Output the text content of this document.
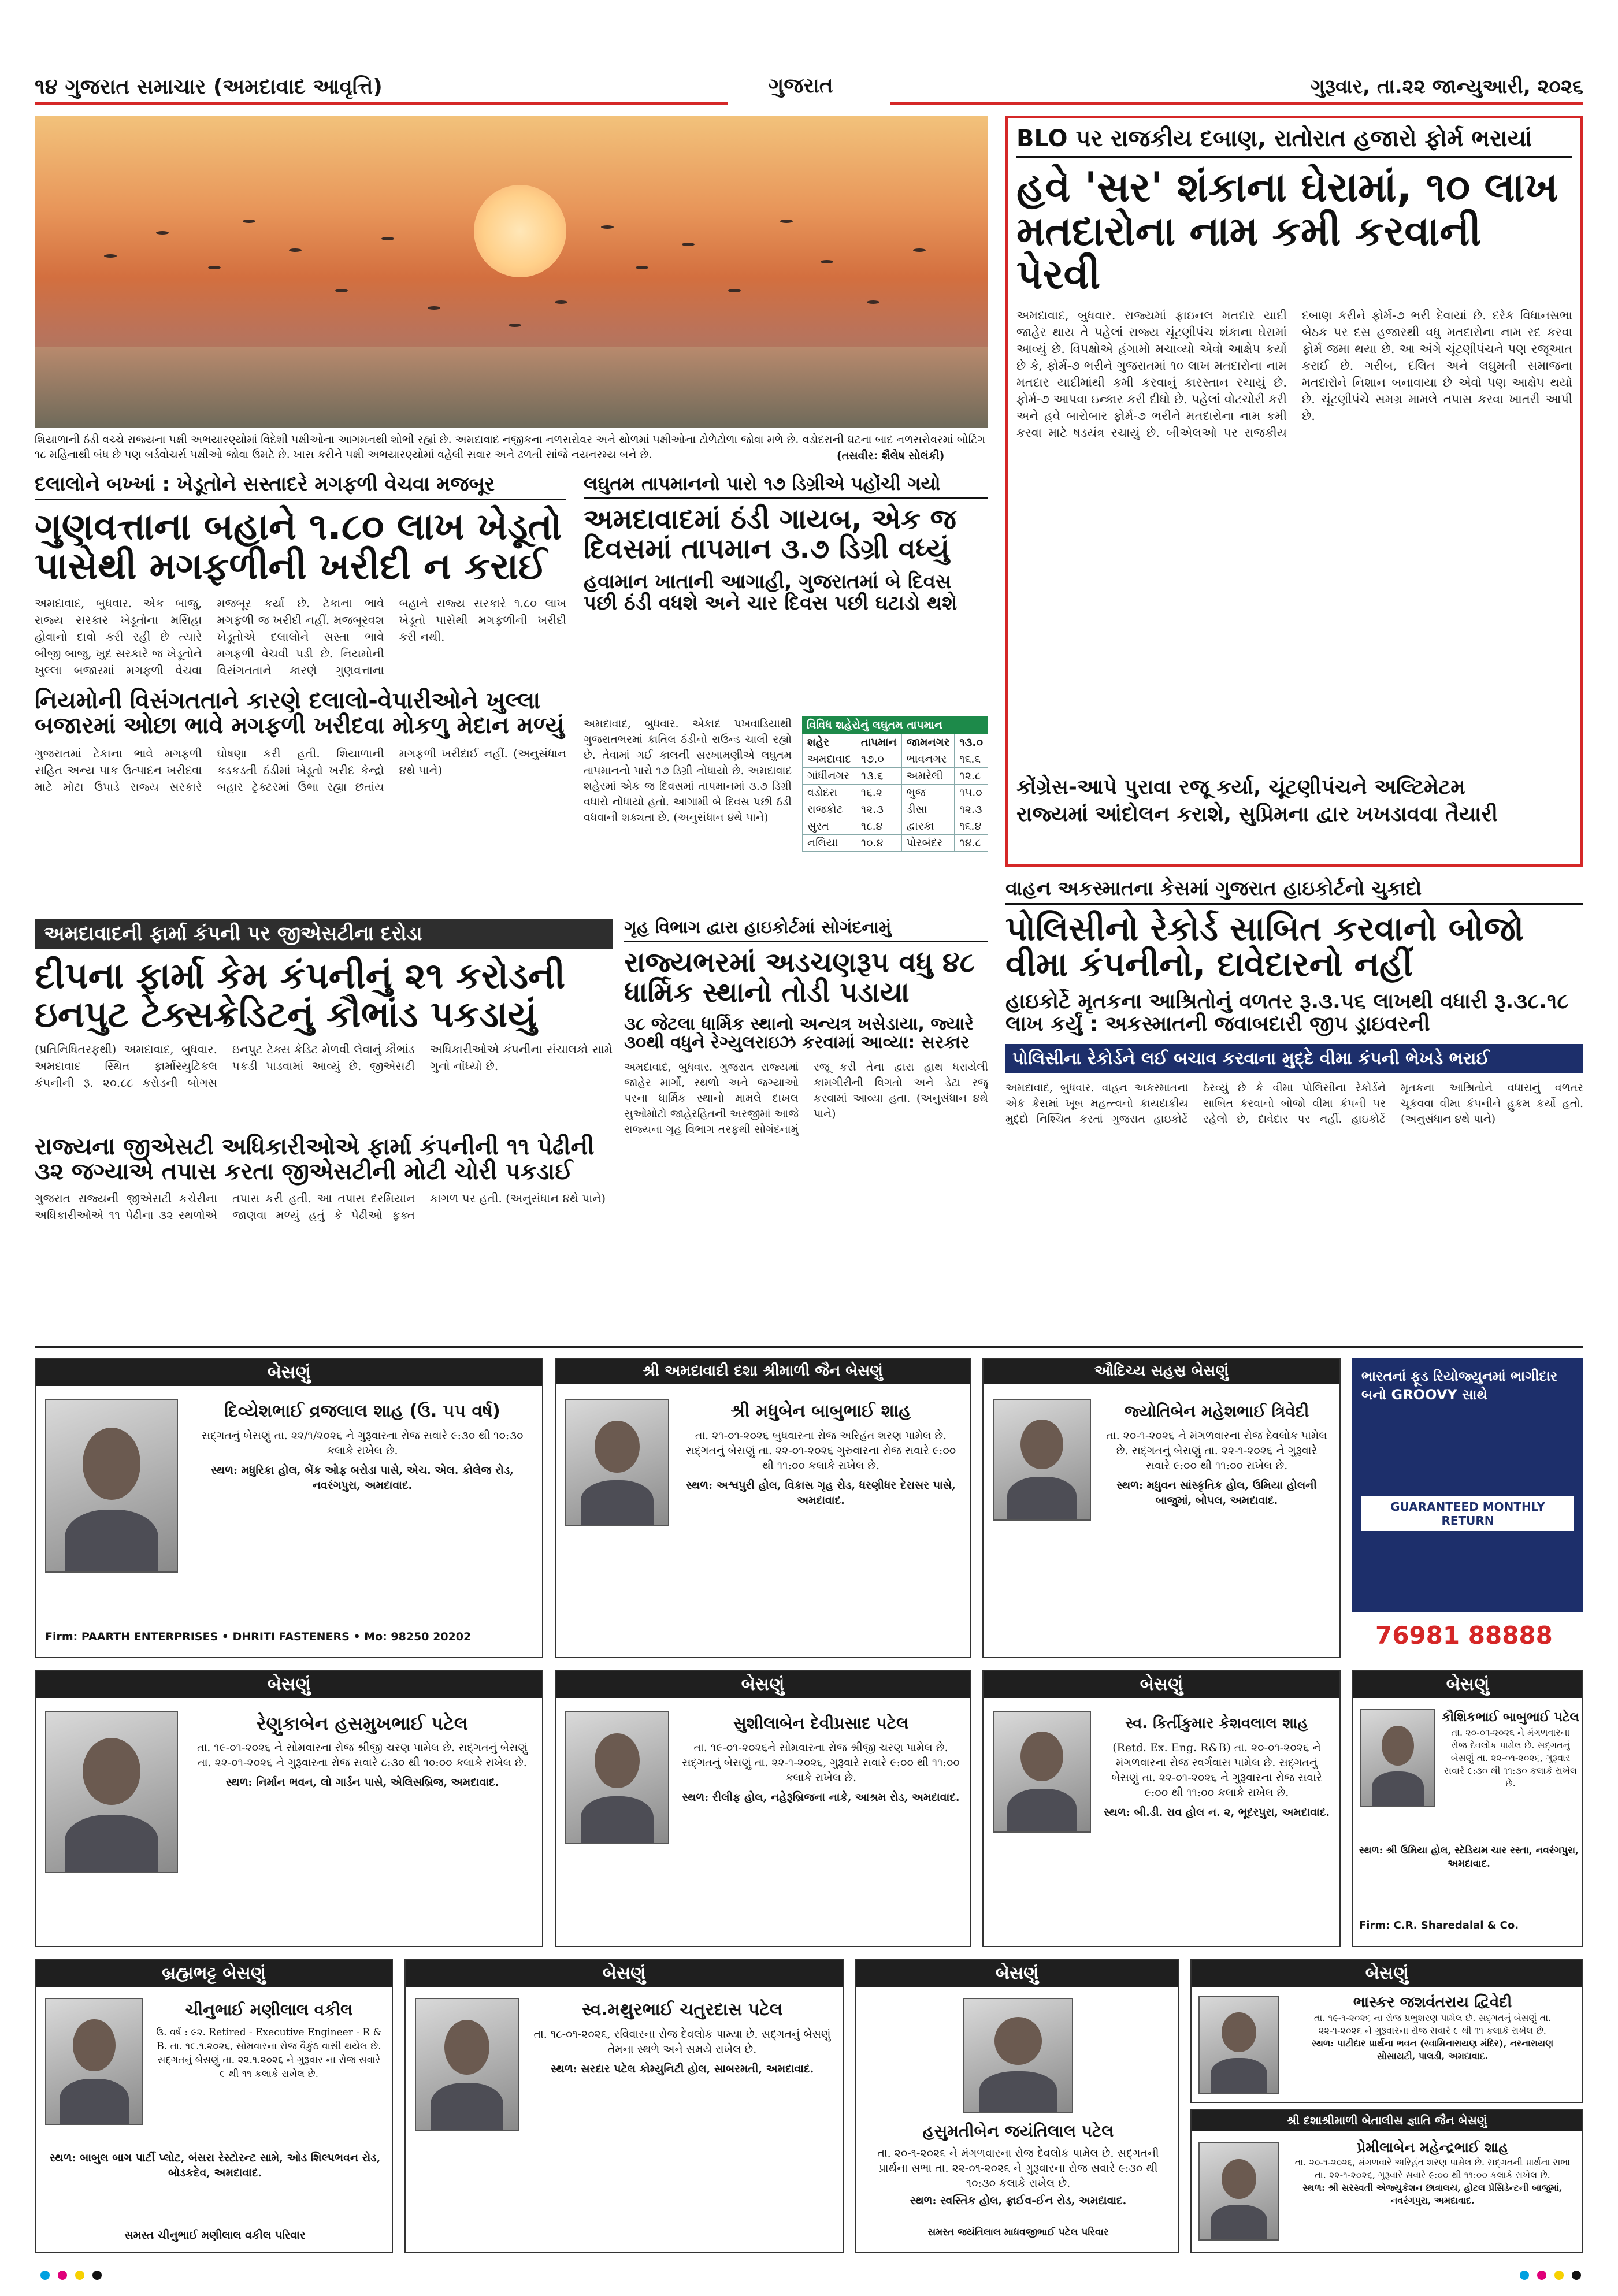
૧૪ ગુજરાત સમાચાર (અમદાવાદ આવૃત્તિ)	ગુજરાત	ગુરૂવાર, તા.૨૨ જાન્યુઆરી, ૨૦૨૬
શિયાળાની ઠંડી વચ્ચે રાજ્યના પક્ષી અભયારણ્યોમાં વિદેશી પક્ષીઓના આગમનથી શોભી રહ્યાં છે. અમદાવાદ નજીકના નળસરોવર અને થોળમાં પક્ષીઓના ટોળેટોળા જોવા મળે છે. વડોદરાની ઘટના બાદ નળસરોવરમાં બોટિંગ ૧૮ મહિનાથી બંધ છે પણ બર્ડવોચર્સ પક્ષીઓ જોવા ઉમટે છે. ખાસ કરીને પક્ષી અભયારણ્યોમાં વહેલી સવાર અને ઢળતી સાંજે નયનરમ્ય બને છે.	(તસવીર: શૈલેષ સોલંકી)
BLO પર રાજકીય દબાણ, રાતોરાત હજારો ફોર્મ ભરાયાં
હવે 'સર' શંકાના ઘેરામાં, ૧૦ લાખ મતદારોના નામ કમી કરવાની પેરવી
અમદાવાદ, બુધવાર. રાજ્યમાં ફાઇનલ મતદાર યાદી જાહેર થાય તે પહેલાં રાજ્ય ચૂંટણીપંચ શંકાના ઘેરામાં આવ્યું છે. વિપક્ષોએ હંગામો મચાવ્યો એવો આક્ષેપ કર્યો છે કે, ફોર્મ-૭ ભરીને ગુજરાતમાં ૧૦ લાખ મતદારોના નામ મતદાર યાદીમાંથી કમી કરવાનું કારસ્તાન રચાયું છે. ફોર્મ-૭ આપવા ઇન્કાર કરી દીધો છે. પહેલાં વોટચોરી કરી અને હવે બારોબાર ફોર્મ-૭ ભરીને મતદારોના નામ કમી કરવા માટે ષડયંત્ર રચાયું છે. બીએલઓ પર રાજકીય દબાણ કરીને ફોર્મ-૭ ભરી દેવાયાં છે. દરેક વિધાનસભા બેઠક પર દસ હજારથી વધુ મતદારોના નામ રદ કરવા ફોર્મ જમા થયા છે. આ અંગે ચૂંટણીપંચને પણ રજૂઆત કરાઈ છે. ગરીબ, દલિત અને લઘુમતી સમાજના મતદારોને નિશાન બનાવાયા છે એવો પણ આક્ષેપ થયો છે. ચૂંટણીપંચે સમગ્ર મામલે તપાસ કરવા ખાતરી આપી છે.
કોંગ્રેસ-આપે પુરાવા રજૂ કર્યા, ચૂંટણીપંચને અલ્ટિમેટમ
રાજ્યમાં આંદોલન કરાશે, સુપ્રિમના દ્વાર ખખડાવવા તૈયારી
દલાલોને બખ્ખાં : ખેડૂતોને સસ્તાદરે મગફળી વેચવા મજબૂર
ગુણવત્તાના બહાને ૧.૮૦ લાખ ખેડૂતો પાસેથી મગફળીની ખરીદી ન કરાઈ
અમદાવાદ, બુધવાર. એક બાજુ, રાજ્ય સરકાર ખેડૂતોના મસિહા હોવાનો દાવો કરી રહી છે ત્યારે બીજી બાજુ, ખુદ સરકારે જ ખેડૂતોને ખુલ્લા બજારમાં મગફળી વેચવા મજબૂર કર્યા છે. ટેકાના ભાવે મગફળી જ ખરીદી નહીં. મજબૂરવશ ખેડૂતોએ દલાલોને સસ્તા ભાવે મગફળી વેચવી પડી છે. નિયમોની વિસંગતતાને કારણે ગુણવત્તાના બહાને રાજ્ય સરકારે ૧.૮૦ લાખ ખેડૂતો પાસેથી મગફળીની ખરીદી કરી નથી.
નિયમોની વિસંગતતાને કારણે દલાલો-વેપારીઓને ખુલ્લા બજારમાં ઓછા ભાવે મગફળી ખરીદવા મોકળુ મેદાન મળ્યું
ગુજરાતમાં ટેકાના ભાવે મગફળી સહિત અન્ય પાક ઉત્પાદન ખરીદવા માટે મોટા ઉપાડે રાજ્ય સરકારે ઘોષણા કરી હતી. શિયાળાની કડકડતી ઠંડીમાં ખેડૂતો ખરીદ કેન્દ્રો બહાર ટ્રેક્ટરમાં ઉભા રહ્યા છતાંય મગફળી ખરીદાઈ નહીં. (અનુસંધાન ૪થે પાને)
લઘુતમ તાપમાનનો પારો ૧૭ ડિગ્રીએ પહોંચી ગયો
અમદાવાદમાં ઠંડી ગાયબ, એક જ દિવસમાં તાપમાન ૩.૭ ડિગ્રી વધ્યું
હવામાન ખાતાની આગાહી, ગુજરાતમાં બે દિવસ પછી ઠંડી વધશે અને ચાર દિવસ પછી ઘટાડો થશે
અમદાવાદ, બુધવાર. એકાદ પખવાડિયાથી ગુજરાતભરમાં કાતિલ ઠંડીનો રાઉન્ડ ચાલી રહ્યો છે. તેવામાં ગઈ કાલની સરખામણીએ લઘુતમ તાપમાનનો પારો ૧૭ ડિગ્રી નોંધાયો છે. અમદાવાદ શહેરમાં એક જ દિવસમાં તાપમાનમાં ૩.૭ ડિગ્રી વધારો નોંધાયો હતો. આગામી બે દિવસ પછી ઠંડી વધવાની શક્યતા છે. (અનુસંધાન ૪થે પાને)
વિવિધ શહેરોનું લઘુતમ તાપમાન
શહેર	તાપમાન	જામનગર	૧૩.૦
અમદાવાદ	૧૭.૦	ભાવનગર	૧૬.૬
ગાંધીનગર	૧૩.૬	અમરેલી	૧૨.૮
વડોદરા	૧૬.૨	ભુજ	૧૫.૦
રાજકોટ	૧૨.૩	ડીસા	૧૨.૩
સુરત	૧૮.૪	દ્વારકા	૧૬.૪
નલિયા	૧૦.૪	પોરબંદર	૧૪.૮
અમદાવાદની ફાર્મા કંપની પર જીએસટીના દરોડા
દીપના ફાર્મા કેમ કંપનીનું ૨૧ કરોડની ઇનપુટ ટેક્સક્રેડિટનું કૌભાંડ પકડાયું
(પ્રતિનિધિતરફથી) અમદાવાદ, બુધવાર. અમદાવાદ સ્થિત ફાર્માસ્યુટિકલ કંપનીની રૂ. ૨૦.૮૮ કરોડની બોગસ ઇનપુટ ટેક્સ ક્રેડિટ મેળવી લેવાનું કૌભાંડ પકડી પાડવામાં આવ્યું છે. જીએસટી અધિકારીઓએ કંપનીના સંચાલકો સામે ગુનો નોંધ્યો છે.
રાજ્યના જીએસટી અધિકારીઓએ ફાર્મા કંપનીની ૧૧ પેઢીની ૩૨ જગ્યાએ તપાસ કરતા જીએસટીની મોટી ચોરી પકડાઈ
ગુજરાત રાજ્યની જીએસટી કચેરીના અધિકારીઓએ ૧૧ પેઢીના ૩૨ સ્થળોએ તપાસ કરી હતી. આ તપાસ દરમિયાન જાણવા મળ્યું હતું કે પેઢીઓ ફક્ત કાગળ પર હતી. (અનુસંધાન ૪થે પાને)
ગૃહ વિભાગ દ્વારા હાઇકોર્ટમાં સોગંદનામું
રાજ્યભરમાં અડચણરૂપ વધુ ૪૮ ધાર્મિક સ્થાનો તોડી પડાયા
૩૮ જેટલા ધાર્મિક સ્થાનો અન્યત્ર ખસેડાયા, જ્યારે ૩૦થી વધુને રેગ્યુલરાઇઝ કરવામાં આવ્યા: સરકાર
અમદાવાદ, બુધવાર. ગુજરાત રાજ્યમાં જાહેર માર્ગો, સ્થળો અને જગ્યાઓ પરના ધાર્મિક સ્થાનો મામલે દાખલ સુઓમોટો જાહેરહિતની અરજીમાં આજે રાજ્યના ગૃહ વિભાગ તરફથી સોગંદનામું રજૂ કરી તેના દ્વારા હાથ ધરાયેલી કામગીરીની વિગતો અને ડેટા રજૂ કરવામાં આવ્યા હતા. (અનુસંધાન ૪થે પાને)
વાહન અકસ્માતના કેસમાં ગુજરાત હાઇકોર્ટનો ચુકાદો
પોલિસીનો રેકોર્ડ સાબિત કરવાનો બોજો વીમા કંપનીનો, દાવેદારનો નહીં
હાઇકોર્ટે મૃતકના આશ્રિતોનું વળતર રૂ.૩.૫૬ લાખથી વધારી રૂ.૩૮.૧૮ લાખ કર્યું : અકસ્માતની જવાબદારી જીપ ડ્રાઇવરની
પોલિસીના રેકોર્ડને લઈ બચાવ કરવાના મુદ્દે વીમા કંપની ભેખડે ભરાઈ
અમદાવાદ, બુધવાર. વાહન અકસ્માતના એક કેસમાં ખૂબ મહત્ત્વનો કાયદાકીય મુદ્દો નિશ્ચિત કરતાં ગુજરાત હાઇકોર્ટે ઠેરવ્યું છે કે વીમા પોલિસીના રેકોર્ડને સાબિત કરવાનો બોજો વીમા કંપની પર રહેલો છે, દાવેદાર પર નહીં. હાઇકોર્ટે મૃતકના આશ્રિતોને વધારાનું વળતર ચૂકવવા વીમા કંપનીને હુકમ કર્યો હતો. (અનુસંધાન ૪થે પાને)
બેસણું
દિવ્યેશભાઈ વ્રજલાલ શાહ (ઉ. ૫૫ વર્ષ)
સદ્‍ગતનું બેસણું તા. ૨૨/૧/૨૦૨૬ ને ગુરૂવારના રોજ સવારે ૯:૩૦ થી ૧૦:૩૦ કલાકે રાખેલ છે.
સ્થળ: મધુરિકા હોલ, બેંક ઓફ બરોડા પાસે, એચ. એલ. કોલેજ રોડ, નવરંગપુરા, અમદાવાદ.
Firm: PAARTH ENTERPRISES • DHRITI FASTENERS • Mo: 98250 20202
શ્રી અમદાવાદી દશા શ્રીમાળી જૈન બેસણું
શ્રી મધુબેન બાબુભાઈ શાહ
તા. ૨૧-૦૧-૨૦૨૬ બુધવારના રોજ અરિહંત શરણ પામેલ છે. સદ્‍ગતનું બેસણું તા. ૨૨-૦૧-૨૦૨૬ ગુરુવારના રોજ સવારે ૯:૦૦ થી ૧૧:૦૦ કલાકે રાખેલ છે.
સ્થળ: અશ્વપુરી હોલ, વિકાસ ગૃહ રોડ, ધરણીધર દેરાસર પાસે, અમદાવાદ.
ઔદિચ્ય સહસ્ર બેસણું
જ્યોતિબેન મહેશભાઈ ત્રિવેદી
તા. ૨૦-૧-૨૦૨૬ ને મંગળવારના રોજ દેવલોક પામેલ છે. સદ્‍ગતનું બેસણું તા. ૨૨-૧-૨૦૨૬ ને ગુરૂવારે સવારે ૯:૦૦ થી ૧૧:૦૦ રાખેલ છે.
સ્થળ: મધુવન સાંસ્કૃતિક હોલ, ઉમિયા હોલની બાજુમાં, બોપલ, અમદાવાદ.
ભારતનાં ફૂડ રિયોજ્યુનમાં ભાગીદાર બનો GROOVY સાથે
GUARANTEED MONTHLY RETURN
76981 88888
બેસણું
રેણુકાબેન હસમુખભાઈ પટેલ
તા. ૧૯-૦૧-૨૦૨૬ ને સોમવારના રોજ શ્રીજી ચરણ પામેલ છે. સદ્‍ગતનું બેસણું તા. ૨૨-૦૧-૨૦૨૬ ને ગુરૂવારના રોજ સવારે ૮:૩૦ થી ૧૦:૦૦ કલાકે રાખેલ છે.
સ્થળ: નિર્માન ભવન, લો ગાર્ડન પાસે, એલિસબ્રિજ, અમદાવાદ.
બેસણું
સુશીલાબેન દેવીપ્રસાદ પટેલ
તા. ૧૯-૦૧-૨૦૨૬ને સોમવારના રોજ શ્રીજી ચરણ પામેલ છે. સદ્‍ગતનું બેસણું તા. ૨૨-૧-૨૦૨૬, ગુરૂવારે સવારે ૯:૦૦ થી ૧૧:૦૦ કલાકે રાખેલ છે.
સ્થળ: રીલીફ હોલ, નહેરૂબ્રિજના નાકે, આશ્રમ રોડ, અમદાવાદ.
બેસણું
સ્વ. કિર્તીકુમાર કેશવલાલ શાહ
(Retd. Ex. Eng. R&B) તા. ૨૦-૦૧-૨૦૨૬ ને મંગળવારના રોજ સ્વર્ગવાસ પામેલ છે. સદ્‍ગતનું બેસણું તા. ૨૨-૦૧-૨૦૨૬ ને ગુરૂવારના રોજ સવારે ૯:૦૦ થી ૧૧:૦૦ કલાકે રાખેલ છે.
સ્થળ: બી.ડી. રાવ હોલ ન. ૨, ભૂદરપુરા, અમદાવાદ.
બેસણું
કૌશિકભાઈ બાબુભાઈ પટેલ
તા. ૨૦-૦૧-૨૦૨૬ ને મંગળવારના રોજ દેવલોક પામેલ છે. સદ્‍ગતનું બેસણું તા. ૨૨-૦૧-૨૦૨૬, ગુરૂવાર સવારે ૯:૩૦ થી ૧૧:૩૦ કલાકે રાખેલ છે.
સ્થળ: શ્રી ઉમિયા હોલ, સ્ટેડિયમ ચાર રસ્તા, નવરંગપુરા, અમદાવાદ.
Firm: C.R. Sharedalal & Co.
બ્રહ્મભટ્ટ બેસણું
ચીનુભાઈ મણીલાલ વકીલ
ઉ. વર્ષ : ૯૨. Retired - Executive Engineer - R & B. તા. ૧૯.૧.૨૦૨૬, સોમવારના રોજ વૈકુંઠ વાસી થયેલ છે. સદ્‍ગતનું બેસણું તા. ૨૨.૧.૨૦૨૬ ને ગુરૂવાર ના રોજ સવારે ૯ થી ૧૧ કલાકે રાખેલ છે.
સ્થળ: બાબુલ બાગ પાર્ટી પ્લોટ, બંસરા રેસ્ટોરન્ટ સામે, ઓડ શિલ્પભવન રોડ, બોડકદેવ, અમદાવાદ.
સમસ્ત ચીનુભાઈ મણીલાલ વકીલ પરિવાર
બેસણું
સ્વ.મથુરભાઈ ચતુરદાસ પટેલ
તા. ૧૮-૦૧-૨૦૨૬, રવિવારના રોજ દેવલોક પામ્યા છે. સદ્‍ગતનું બેસણું તેમના સ્થળે અને સમયે રાખેલ છે.
સ્થળ: સરદાર પટેલ કોમ્યુનિટી હોલ, સાબરમતી, અમદાવાદ.
બેસણું
હસુમતીબેન જયંતિલાલ પટેલ
તા. ૨૦-૧-૨૦૨૬ ને મંગળવારના રોજ દેવલોક પામેલ છે. સદ્‍ગતની પ્રાર્થના સભા તા. ૨૨-૦૧-૨૦૨૬ ને ગુરૂવારના રોજ સવારે ૯:૩૦ થી ૧૦:૩૦ કલાકે રાખેલ છે.
સ્થળ: સ્વસ્તિક હોલ, ફ્રાઈવ-ઈન રોડ, અમદાવાદ.
સમસ્ત જયંતિલાલ માધવજીભાઈ પટેલ પરિવાર
બેસણું
ભાસ્કર જશવંતરાય દ્વિવેદી
તા. ૧૯-૧-૨૦૨૬ ના રોજ પ્રભુશરણ પામેલ છે. સદ્‍ગતનું બેસણું તા. ૨૨-૧-૨૦૨૬ ને ગુરૂવારના રોજ સવારે ૯ થી ૧૧ કલાકે રાખેલ છે.
સ્થળ: પાટીદાર પ્રાર્થના ભવન (સ્વામિનારાયણ મંદિર), નરનારાયણ સોસાયટી, પાલડી, અમદાવાદ.
શ્રી દશાશ્રીમાળી બેતાલીસ જ્ઞાતિ જૈન બેસણું
પ્રેમીલાબેન મહેન્દ્રભાઈ શાહ
તા. ૨૦-૧-૨૦૨૬, મંગળવારે અરિહંત શરણ પામેલ છે. સદ્‍ગતની પ્રાર્થના સભા તા. ૨૨-૧-૨૦૨૬, ગુરૂવારે સવારે ૯:૦૦ થી ૧૧:૦૦ કલાકે રાખેલ છે.
સ્થળ: શ્રી સરસ્વતી એજ્યુકેશન છાત્રાલય, હોટલ પ્રેસિડેન્ટની બાજુમાં, નવરંગપુરા, અમદાવાદ.
